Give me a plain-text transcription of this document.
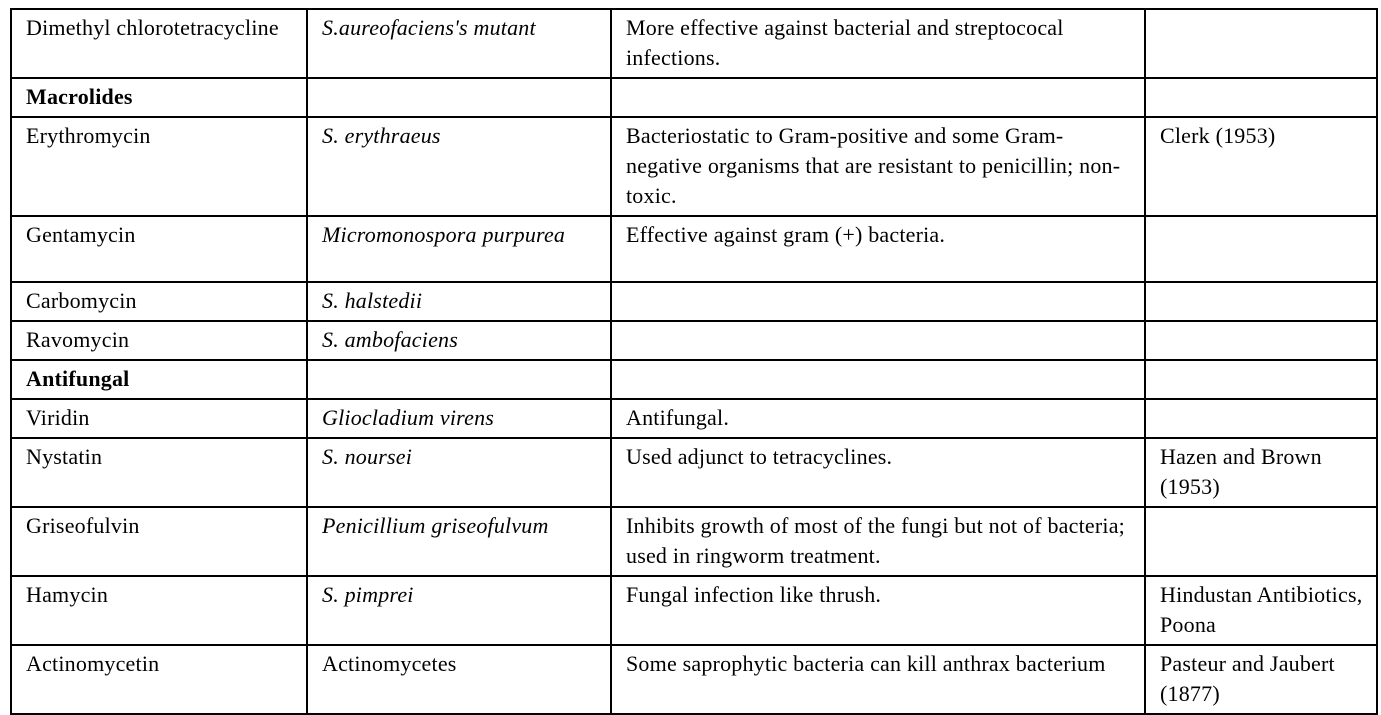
Dimethyl chlorotetracycline	S.aureofaciens's mutant	More effective against bacterial and streptococal infections.	
Macrolides			
Erythromycin	S. erythraeus	Bacteriostatic to Gram-positive and some Gram-negative organisms that are resistant to penicillin; non-toxic.	Clerk (1953)
Gentamycin	Micromonospora purpurea	Effective against gram (+) bacteria.	
Carbomycin	S. halstedii		
Ravomycin	S. ambofaciens		
Antifungal			
Viridin	Gliocladium virens	Antifungal.	
Nystatin	S. noursei	Used adjunct to tetracyclines.	Hazen and Brown (1953)
Griseofulvin	Penicillium griseofulvum	Inhibits growth of most of the fungi but not of bacteria; used in ringworm treatment.	
Hamycin	S. pimprei	Fungal infection like thrush.	Hindustan Antibiotics, Poona
Actinomycetin	Actinomycetes	Some saprophytic bacteria can kill anthrax bacterium	Pasteur and Jaubert (1877)
